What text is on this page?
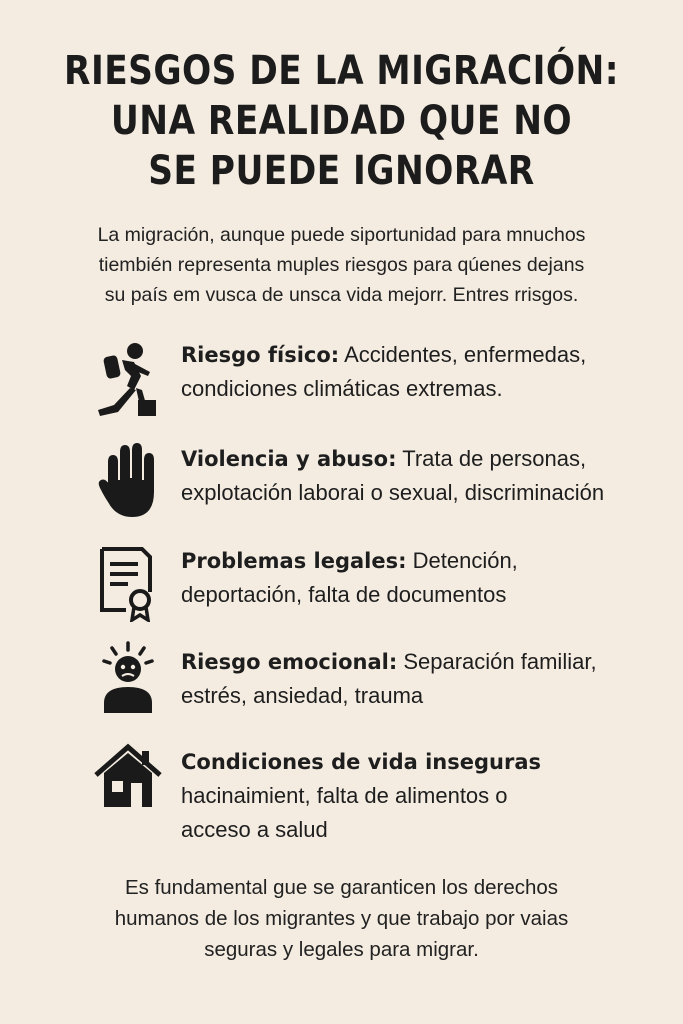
RIESGOS DE LA MIGRACIÓN:
UNA REALIDAD QUE NO
SE PUEDE IGNORAR
La migración, aunque puede siportunidad para mnuchos
tiembién representa muples riesgos para qúenes dejans
su país em vusca de unsca vida mejorr. Entres rrisgos.
Riesgo físico: Accidentes, enfermedas,
condiciones climáticas extremas.
Violencia y abuso: Trata de personas,
explotación laborai o sexual, discriminación
Problemas legales: Detención,
deportación, falta de documentos
Riesgo emocional: Separación familiar,
estrés, ansiedad, trauma
Condiciones de vida inseguras
hacinaimient, falta de alimentos o
acceso a salud
Es fundamental gue se garanticen los derechos
humanos de los migrantes y que trabajo por vaias
seguras y legales para migrar.
